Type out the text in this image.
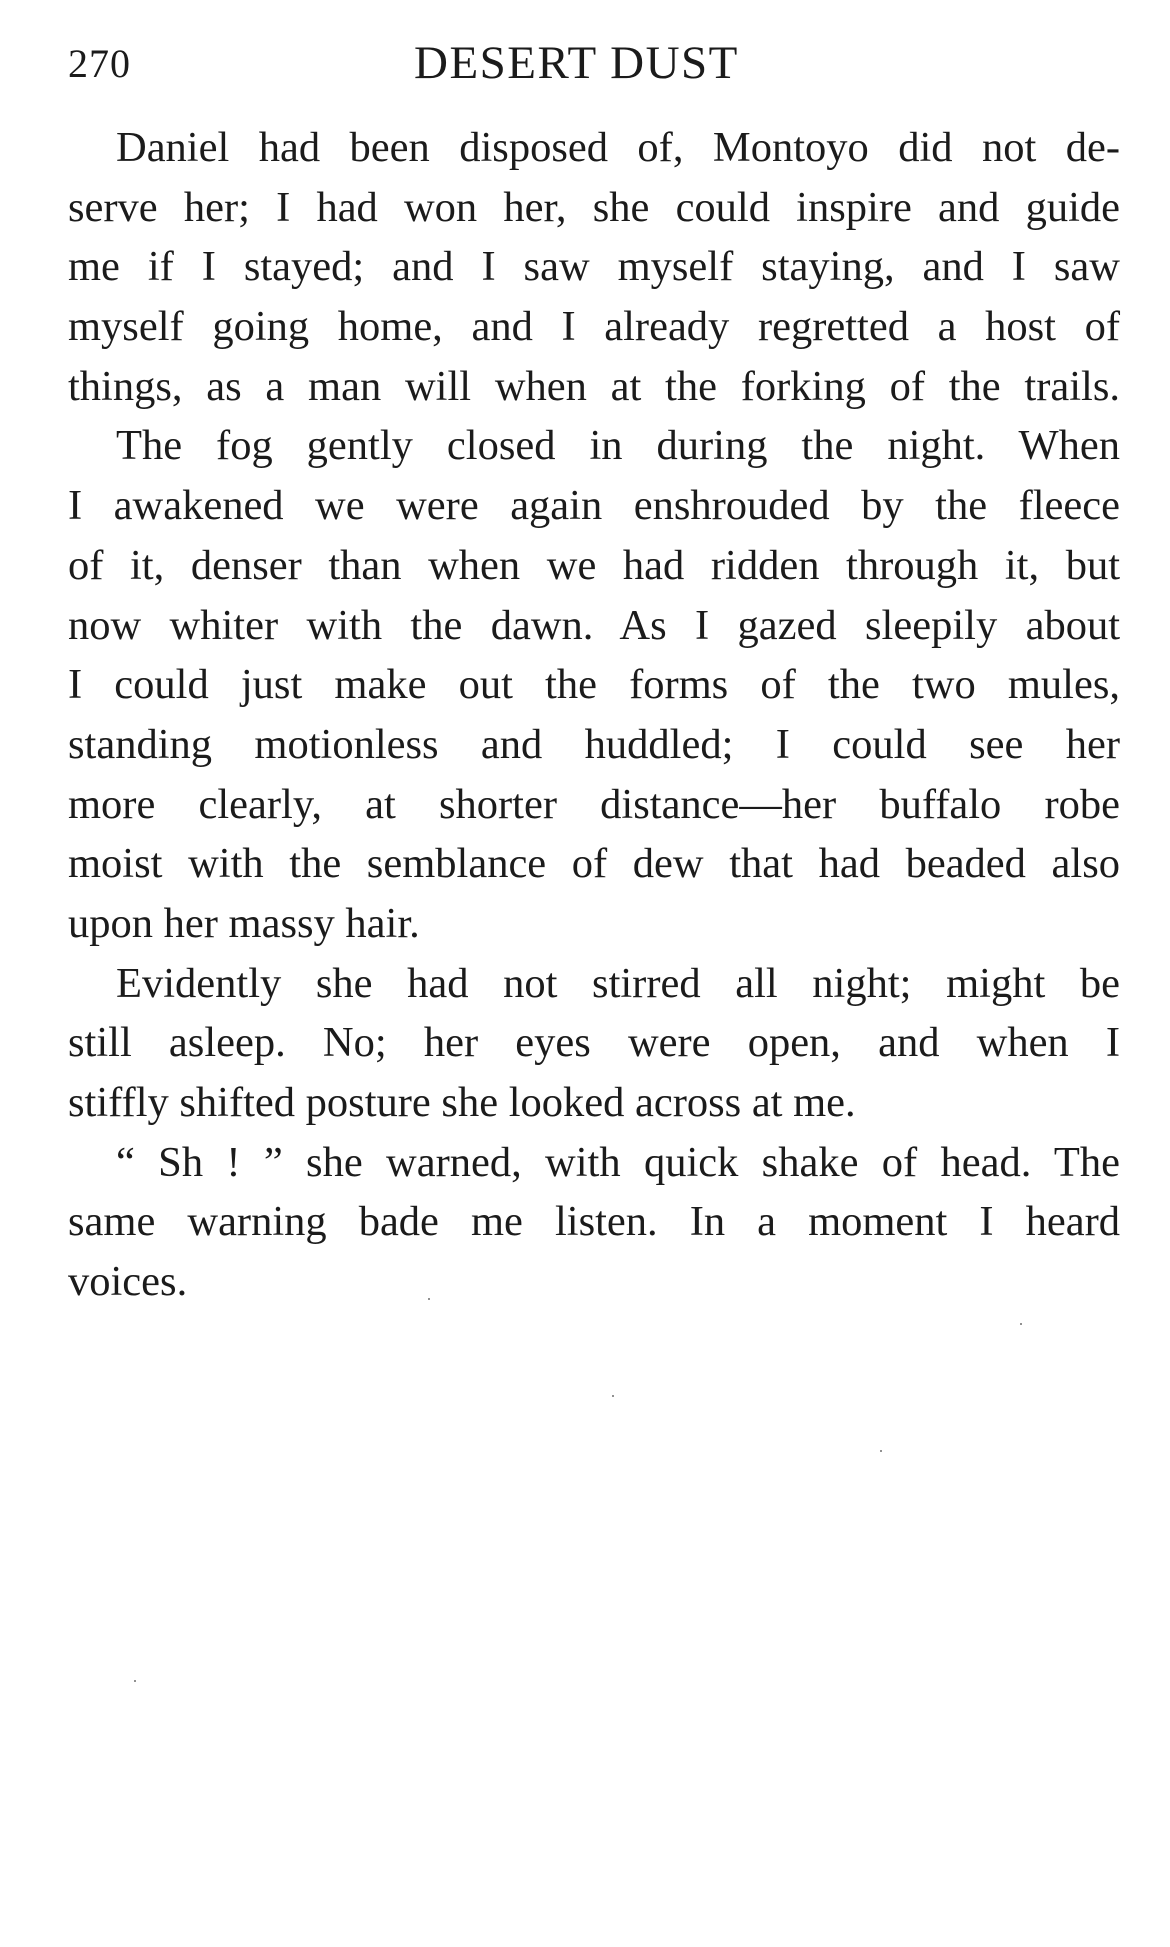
270	DESERT DUST
Daniel had been disposed of, Montoyo did not de-
serve her; I had won her, she could inspire and guide
me if I stayed; and I saw myself staying, and I saw
myself going home, and I already regretted a host of
things, as a man will when at the forking of the trails.
The fog gently closed in during the night. When
I awakened we were again enshrouded by the fleece
of it, denser than when we had ridden through it, but
now whiter with the dawn. As I gazed sleepily about
I could just make out the forms of the two mules,
standing motionless and huddled; I could see her
more clearly, at shorter distance—her buffalo robe
moist with the semblance of dew that had beaded also
upon her massy hair.
Evidently she had not stirred all night; might be
still asleep. No; her eyes were open, and when I
stiffly shifted posture she looked across at me.
“ Sh ! ” she warned, with quick shake of head. The
same warning bade me listen. In a moment I heard
voices.
